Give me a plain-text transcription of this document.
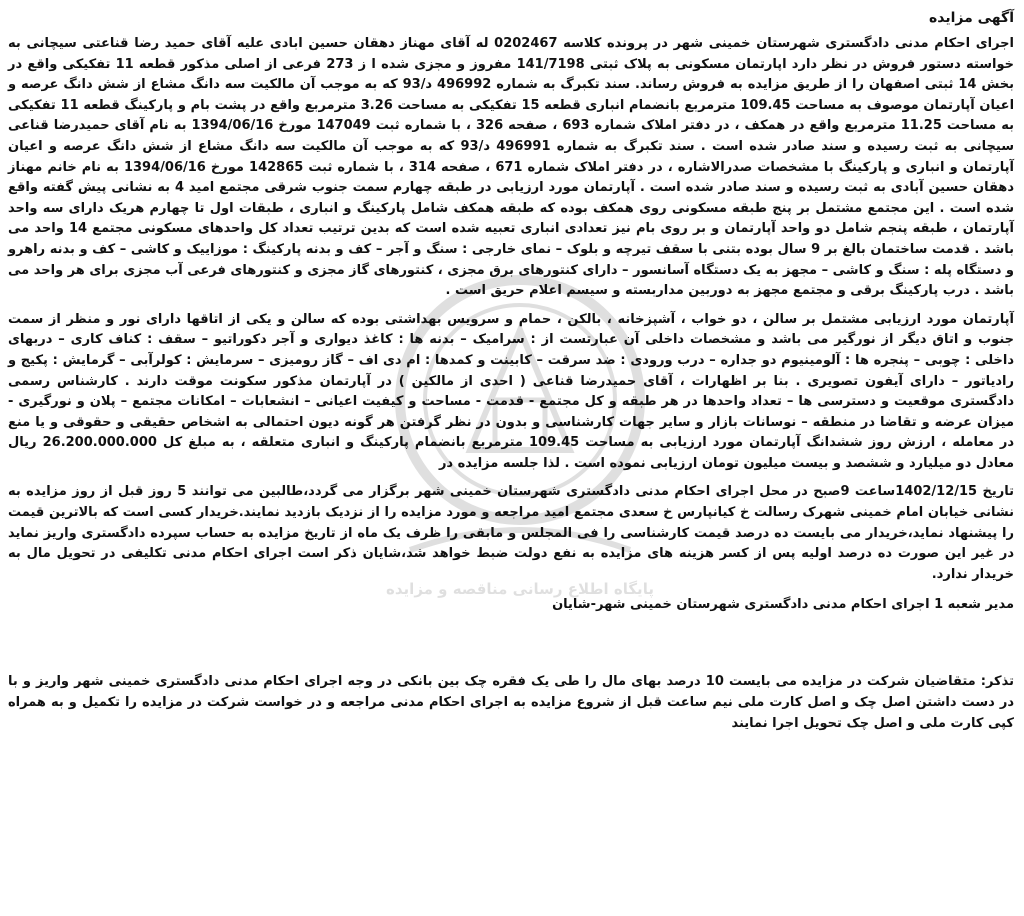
آگهی مزایده

اجرای احکام مدنی دادگستری شهرستان خمینی شهر در پرونده کلاسه 0202467 له آقای مهناز دهقان حسین ابادی علیه آقای حمید رضا قناعتی سیچانی به خواسته دستور فروش در نظر دارد اپارتمان مسکونی به پلاک ثبتی 141/7198 مفروز و مجزی شده ا ز 273 فرعی از اصلی مذکور قطعه 11 تفکیکی واقع در بخش 14 ثبتی اصفهان را از طریق مزایده به فروش رساند. سند تکبرگ به شماره 496992 د/93 که به موجب آن مالکیت سه دانگ مشاع از شش دانگ عرصه و اعیان آپارتمان موصوف به مساحت 109.45 مترمربع بانضمام انباری قطعه 15 تفکیکی به مساحت 3.26 مترمربع واقع در پشت بام و پارکینگ قطعه 11 تفکیکی به مساحت 11.25 مترمربع واقع در همکف ، در دفتر املاک شماره 693 ، صفحه 326 ، با شماره ثبت 147049 مورخ 1394/06/16 به نام آقای حمیدرضا قناعی سیچانی به ثبت رسیده و سند صادر شده است . سند تکبرگ به شماره 496991 د/93 که به موجب آن مالکیت سه دانگ مشاع از شش دانگ عرصه و اعیان آپارتمان و انباری و پارکینگ با مشخصات صدرالاشاره ، در دفتر املاک شماره 671 ، صفحه 314 ، با شماره ثبت 142865 مورخ 1394/06/16 به نام خانم مهناز دهقان حسین آبادی به ثبت رسیده و سند صادر شده است . آپارتمان مورد ارزیابی در طبقه چهارم سمت جنوب شرقی مجتمع امید 4 به نشانی پیش گفته واقع شده است . این مجتمع مشتمل بر پنج طبقه مسکونی روی همکف بوده که طبقه همکف شامل پارکینگ و انباری ، طبقات اول تا چهارم هریک دارای سه واحد آپارتمان ، طبقه پنجم شامل دو واحد آپارتمان و بر روی بام نیز تعدادی انباری تعبیه شده است که بدین ترتیب تعداد کل واحدهای مسکونی مجتمع 14 واحد می باشد . قدمت ساختمان بالغ بر 9 سال بوده بتنی با سقف تیرچه و بلوک – نمای خارجی : سنگ و آجر – کف و بدنه پارکینگ : موزاییک و کاشی – کف و بدنه راهرو و دستگاه پله : سنگ و کاشی – مجهز به یک دستگاه آسانسور – دارای کنتورهای برق مجزی ، کنتورهای گاز مجزی و کنتورهای فرعی آب مجزی برای هر واحد می باشد . درب پارکینگ برقی و مجتمع مجهز به دوربین مداربسته و سیسم اعلام حریق است .

آپارتمان مورد ارزیابی مشتمل بر سالن ، دو خواب ، آشپزخانه ، بالکن ، حمام و سرویس بهداشتی بوده که سالن و یکی از اتاقها دارای نور و منظر از سمت جنوب و اتاق دیگر از نورگیر می باشد و مشخصات داخلی آن عبارتست از : سرامیک – بدنه ها : کاغذ دیواری و آجر دکوراتیو – سقف : کناف کاری – دربهای داخلی : چوبی – پنجره ها : آلومینیوم دو جداره – درب ورودی : ضد سرقت – کابینت و کمدها : ام دی اف – گاز رومیزی – سرمایش : کولرآبی – گرمایش : پکیج و رادیاتور – دارای آیفون تصویری . بنا بر اظهارات ، آقای حمیدرضا قناعی ( احدی از مالکین ) در آپارتمان مذکور سکونت موقت دارند . کارشناس رسمی دادگستری موقعیت و دسترسی ها – تعداد واحدها در هر طبقه و کل مجتمع - قدمت - مساحت و کیفیت اعیانی – انشعابات – امکانات مجتمع – پلان و نورگیری - میزان عرضه و تقاضا در منطقه – نوسانات بازار و سایر جهات کارشناسی و بدون در نظر گرفتن هر گونه دیون احتمالی به اشخاص حقیقی و حقوقی و یا منع در معامله ، ارزش روز ششدانگ آپارتمان مورد ارزیابی به مساحت 109.45 مترمربع بانضمام پارکینگ و انباری متعلقه ، به مبلغ کل 26.200.000.000 ریال معادل دو میلیارد و ششصد و بیست میلیون تومان ارزیابی نموده است . لذا جلسه مزایده در

تاریخ 1402/12/15ساعت 9صبح در محل اجرای احکام مدنی دادگستری شهرستان خمینی شهر برگزار می گردد،طالبین می توانند 5 روز قبل از روز مزایده به نشانی خیابان امام خمینی شهرک رسالت خ کیانپارس خ سعدی مجتمع امید مراجعه و مورد مزایده را از نزدیک بازدید نمایند.خریدار کسی است که بالاترین قیمت را پیشنهاد نماید،خریدار می بایست ده درصد قیمت کارشناسی را فی المجلس و مابقی را ظرف یک ماه از تاریخ مزایده به حساب سپرده دادگستری واریز نماید در غیر این صورت ده درصد اولیه پس از کسر هزینه های مزایده به نفع دولت ضبط خواهد شد،شایان ذکر است اجرای احکام مدنی تکلیفی در تحویل مال به خریدار ندارد.

مدیر شعبه 1 اجرای احکام مدنی دادگستری شهرستان خمینی شهر-شایان

تذکر: متقاضیان شرکت در مزایده می بایست 10 درصد بهای مال را طی یک فقره چک بین بانکی در وجه اجرای احکام مدنی دادگستری خمینی شهر واریز و با در دست داشتن اصل چک و اصل کارت ملی نیم ساعت قبل از شروع مزایده به اجرای احکام مدنی مراجعه و در خواست شرکت در مزایده را تکمیل و به همراه کپی کارت ملی و اصل چک تحویل اجرا نمایند

پایگاه اطلاع رسانی مناقصه و مزایده
